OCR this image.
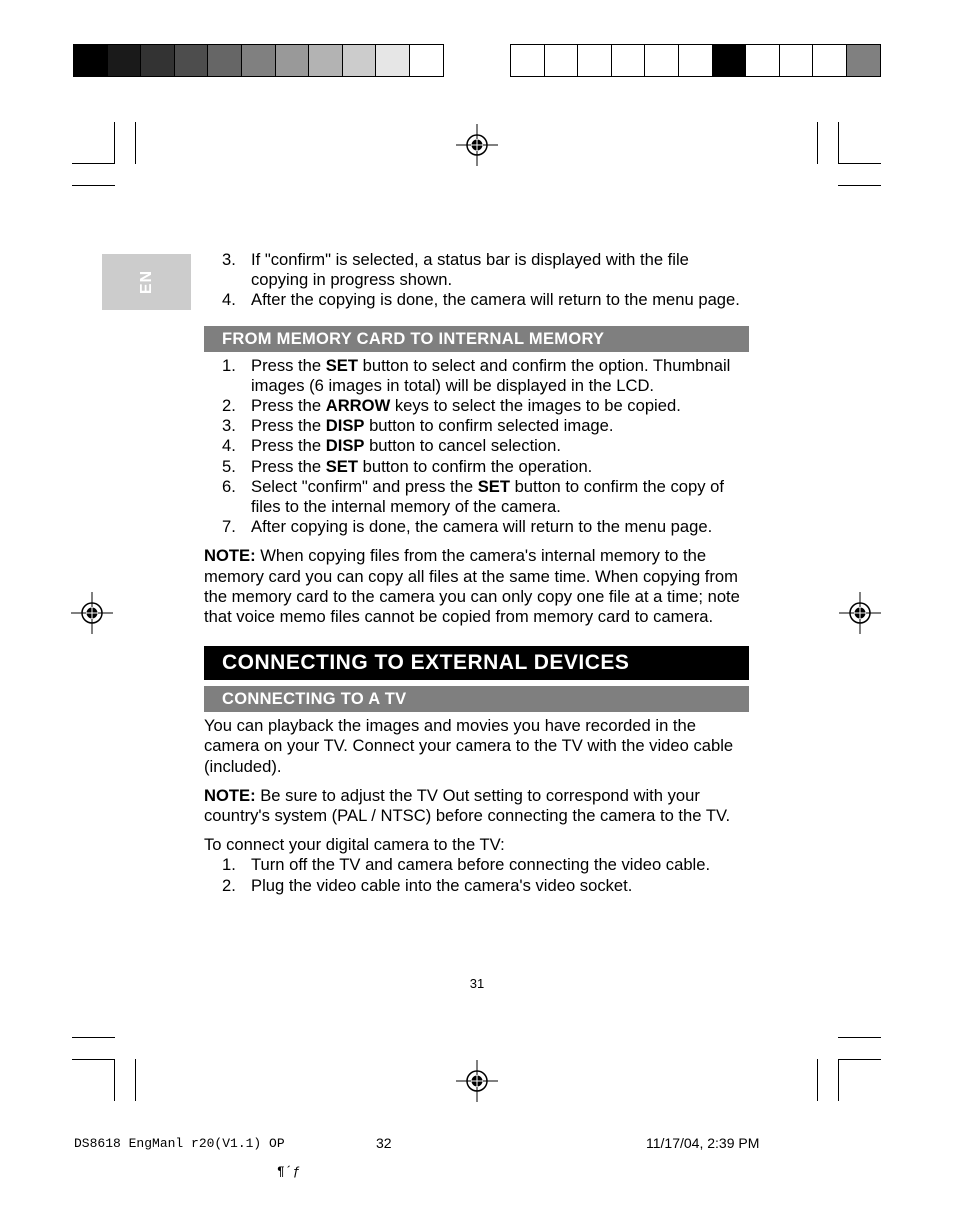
EN
3. If "confirm" is selected, a status bar is displayed with the file copying in progress shown.
4. After the copying is done, the camera will return to the menu page.
FROM MEMORY CARD TO INTERNAL MEMORY
1. Press the SET button to select and confirm the option. Thumbnail images (6 images in total) will be displayed in the LCD.
2. Press the ARROW keys to select the images to be copied.
3. Press the DISP button to confirm selected image.
4. Press the DISP button to cancel selection.
5. Press the SET button to confirm the operation.
6. Select "confirm" and press the SET button to confirm the copy of files to the internal memory of the camera.
7. After copying is done, the camera will return to the menu page.

NOTE: When copying files from the camera's internal memory to the memory card you can copy all files at the same time. When copying from the memory card to the camera you can only copy one file at a time; note that voice memo files cannot be copied from memory card to camera.

CONNECTING TO EXTERNAL DEVICES
CONNECTING TO A TV

You can playback the images and movies you have recorded in the camera on your TV. Connect your camera to the TV with the video cable (included).

NOTE: Be sure to adjust the TV Out setting to correspond with your country's system (PAL / NTSC) before connecting the camera to the TV.

To connect your digital camera to the TV:

1. Turn off the TV and camera before connecting the video cable.
2. Plug the video cable into the camera's video socket.
31
DS8618 EngManl r20(V1.1) OP	32	11/17/04, 2:39 PM
¶´ƒ
